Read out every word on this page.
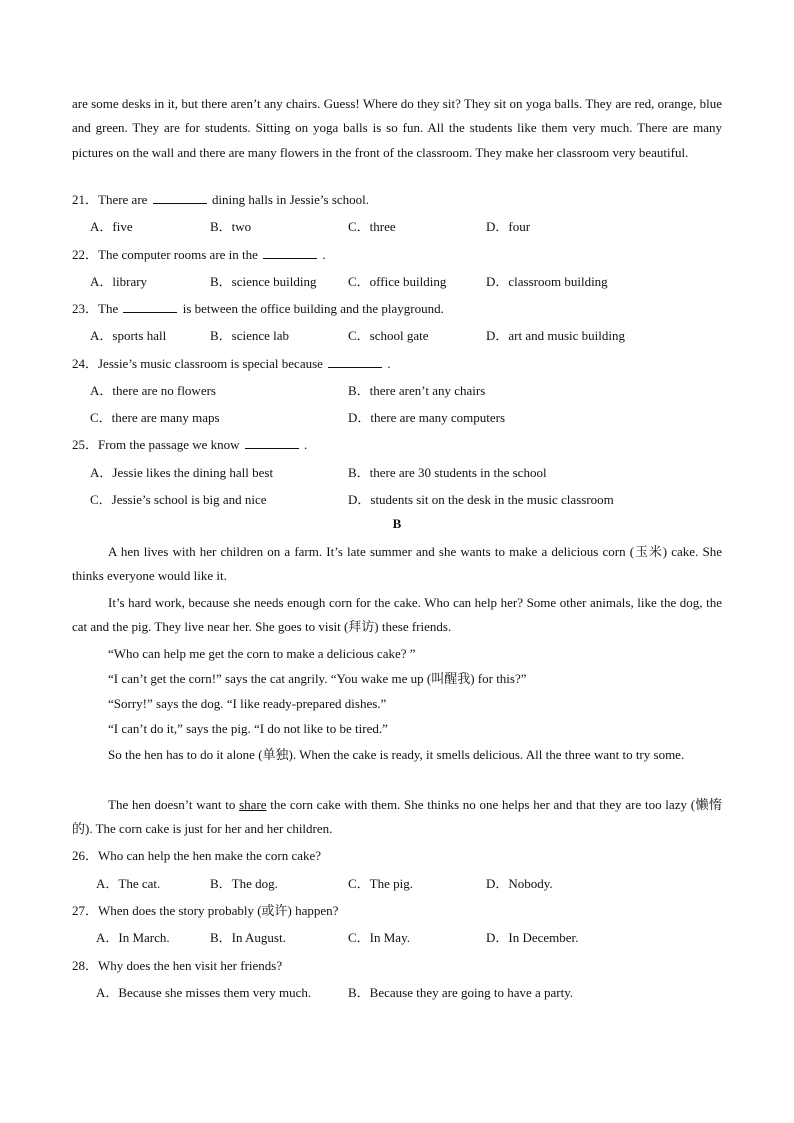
are some desks in it, but there aren’t any chairs. Guess! Where do they sit? They sit on yoga balls. They are red, orange, blue and green. They are for students. Sitting on yoga balls is so fun. All the students like them very much. There are many pictures on the wall and there are many flowers in the front of the classroom. They make her classroom very beautiful.

21．There are	dining halls in Jessie’s school.
A．five	B．two	C．three	D．four
22．The computer rooms are in the	.
A．library	B．science building C．office building	D．classroom building
23．The	is between the office building and the playground.
A．sports hall	B．science lab	C．school gate	D．art and music building
24．Jessie’s music classroom is special because	.
A．there are no flowers	B．there aren’t any chairs
C．there are many maps	D．there are many computers
25．From the passage we know	.
A．Jessie likes the dining hall best	B．there are 30 students in the school
C．Jessie’s school is big and nice	D．students sit on the desk in the music classroom
B

A hen lives with her children on a farm. It’s late summer and she wants to make a delicious corn (玉米) cake. She thinks everyone would like it.

It’s hard work, because she needs enough corn for the cake. Who can help her? Some other animals, like the dog, the cat and the pig. They live near her. She goes to visit (拜访) these friends.

“Who can help me get the corn to make a delicious cake? ”

“I can’t get the corn!” says the cat angrily. “You wake me up (叫醒我) for this?”

“Sorry!” says the dog. “I like ready-prepared dishes.”

“I can’t do it,” says the pig. “I do not like to be tired.”

So the hen has to do it alone (单独). When the cake is ready, it smells delicious. All the three want to try some.

The hen doesn’t want to share the corn cake with them. She thinks no one helps her and that they are too lazy (懒惰的). The corn cake is just for her and her children.

26．Who can help the hen make the corn cake?
A．The cat.	B．The dog.	C．The pig.	D．Nobody.
27．When does the story probably (或许) happen?
A．In March.	B．In August.	C．In May.	D．In December.
28．Why does the hen visit her friends?
A．Because she misses them very much.	B．Because they are going to have a party.
